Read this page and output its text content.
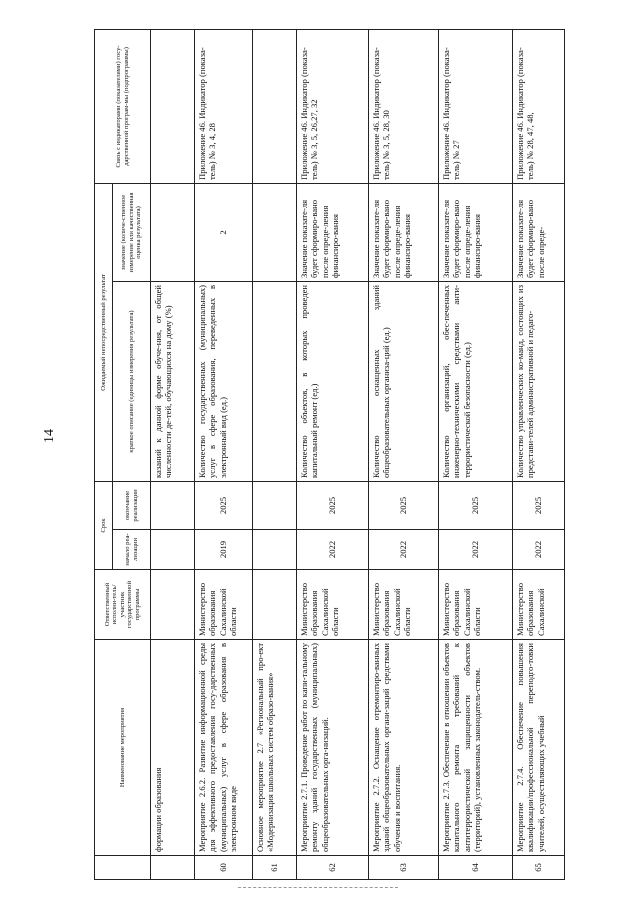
14
	Наименование мероприятия	Ответственный исполни-тель/участник государственной программы	Срок		Ожидаемый непосредственный результат		Связь с индикаторами (показателями) госу-дарственной програм-мы (подпрограммы)
			начало реа-лизации	окончание реализации	краткое описание (единицы измерения результата)	значение (количе-ственное измерение или качественная оценка результата)	
	формации образования				казаний к данной форме обуче-ния, от общей численности де-тей, обучающихся на дому (%)		
60	Мероприятие 2.6.2. Развитие информационной среды для эффективного предоставления госу-дарственных (муниципальных) услуг в сфере образования в электронном виде	Министерство образования Сахалинской области	2019	2025	Количество государственных (муниципальных) услуг в сфере образования, переведенных в электронный вид (ед.)	2	Приложение 46. Индикатор (показа-тель) № 3, 4, 28
61	Основное мероприятие 2.7 «Региональный про-ект «Модернизация школьных систем образо-вания»						
62	Мероприятие 2.7.1. Проведение работ по капи-тальному ремонту зданий государственных (муниципальных) общеобразовательных орга-низаций.	Министерство образования Сахалинской области	2022	2025	Количество объектов, в которых проведен капитальный ремонт (ед.)	Значение показате-ля будет сформиро-вано после опреде-ления финансиро-вания	Приложение 46. Индикатор (показа-тель) № 3, 5, 26,27, 32
63	Мероприятие 2.7.2. Оснащение отремонтиро-ванных зданий общеобразовательных органи-заций средствами обучения и воспитания.	Министерство образования Сахалинской области	2022	2025	Количество оснащенных зданий общеобразовательных организа-ций (ед.)	Значение показате-ля будет сформиро-вано после опреде-ления финансиро-вания	Приложение 46. Индикатор (показа-тель) № 3, 5, 28, 30
64	Мероприятие 2.7.3. Обеспечение в отношении объектов капитального ремонта требований к антитеррористической защищенности объектов (территорий), установленных законодатель-ством.	Министерство образования Сахалинской области	2022	2025	Количество организаций, обес-печенных инженерно-техническими средствами анти-террористической безопасности (ед.)	Значение показате-ля будет сформиро-вано после опреде-ления финансиро-вания	Приложение 46. Индикатор (показа-тель) № 27
65	Мероприятие 2.7.4. Обеспечение повышения квалификации/профессиональной переподго-товки учителей, осуществляющих учебный	Министерство образования Сахалинской	2022	2025	Количество управленческих ко-манд, состоящих из представи-телей административной и педаго-	Значение показате-ля будет сформиро-вано после опреде-	Приложение 46. Индикатор (показа-тель) № 28, 47, 48,
